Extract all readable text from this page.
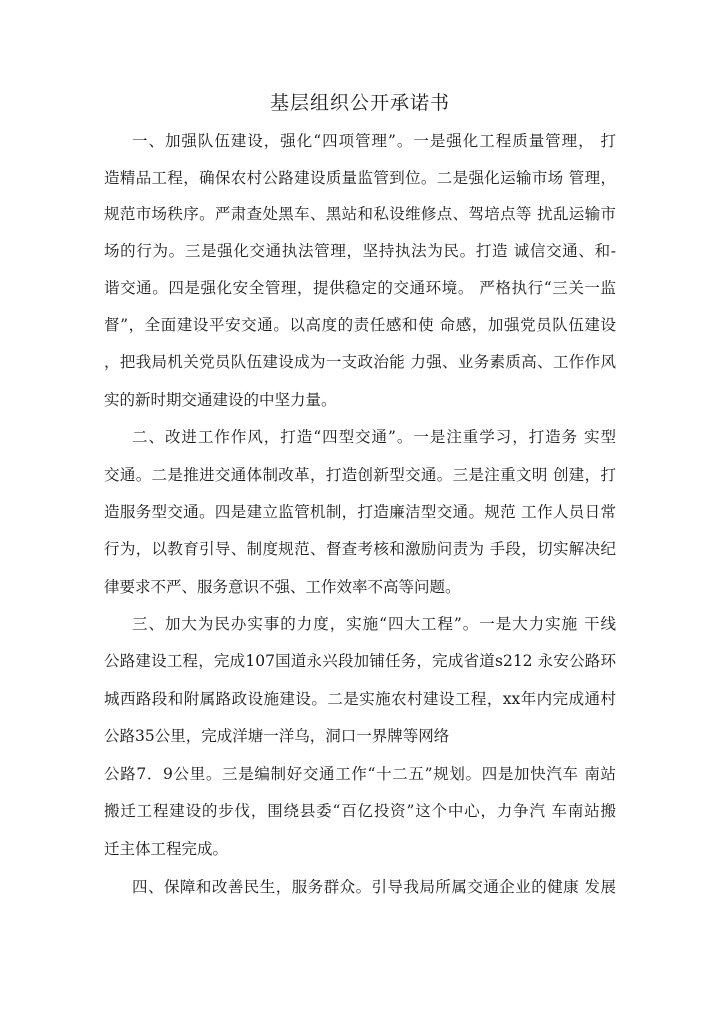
基层组织公开承诺书
一、加强队伍建设，强化“四项管理”。一是强化工程质量管理， 打
造精品工程，确保农村公路建设质量监管到位。二是强化运输市场 管理，
规范市场秩序。严肃查处黑车、黑站和私设维修点、驾培点等 扰乱运输市
场的行为。三是强化交通执法管理，坚持执法为民。打造 诚信交通、和-
谐交通。四是强化安全管理，提供稳定的交通环境。 严格执行“三关一监
督”，全面建设平安交通。以高度的责任感和使 命感，加强党员队伍建设
，把我局机关党员队伍建设成为一支政治能 力强、业务素质高、工作作风
实的新时期交通建设的中坚力量。
二、改进工作作风，打造“四型交通”。一是注重学习，打造务 实型
交通。二是推进交通体制改革，打造创新型交通。三是注重文明 创建，打
造服务型交通。四是建立监管机制，打造廉洁型交通。规范 工作人员日常
行为，以教育引导、制度规范、督查考核和激励问责为 手段，切实解决纪
律要求不严、服务意识不强、工作效率不高等问题。
三、加大为民办实事的力度，实施“四大工程”。一是大力实施 干线
公路建设工程，完成107国道永兴段加铺任务，完成省道s212 永安公路环
城西路段和附属路政设施建设。二是实施农村建设工程，xx年内完成通村
公路35公里，完成洋塘一洋乌，洞口一界牌等网络
公路7．9公里。三是编制好交通工作“十二五”规划。四是加快汽车 南站
搬迁工程建设的步伐，围绕县委“百亿投资”这个中心，力争汽 车南站搬
迁主体工程完成。
四、保障和改善民生，服务群众。引导我局所属交通企业的健康 发展
